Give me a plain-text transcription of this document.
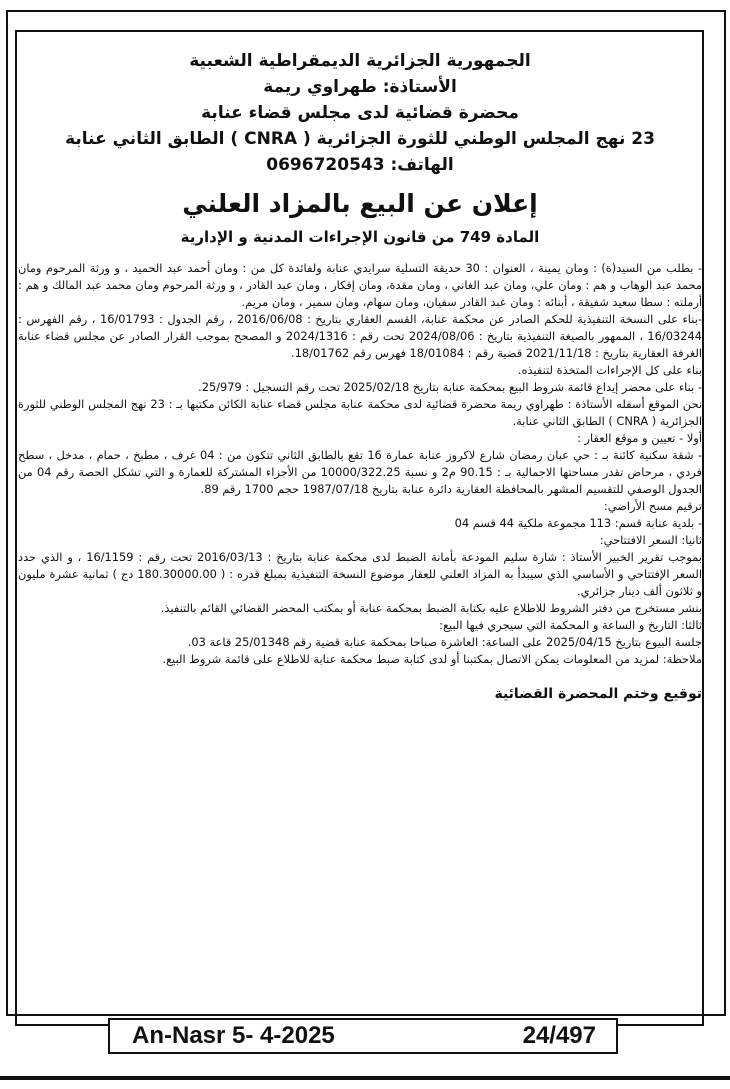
الجمهورية الجزائرية الديمقراطية الشعبية
الأستاذة: طهراوي ريمة
محضرة قضائية لدى مجلس قضاء عنابة
23 نهج المجلس الوطني للثورة الجزائرية ( CNRA ) الطابق الثاني عنابة
الهاتف: 0696720543
إعلان عن البيع بالمزاد العلني
المادة 749 من قانون الإجراءات المدنية و الإدارية

- بطلب من السيد(ة) : ومان يمينة ، العنوان : 30 حديقة التسلية سرايدي عنابة ولفائدة كل من : ومان أحمد عبد الحميد ، و ورثة المرحوم ومان محمد عبد الوهاب و هم : ومان علي، ومان عبد الغاني ، ومان مقدة، ومان إفكار ، ومان عبد القادر ، و ورثة المرحوم ومان محمد عبد المالك و هم : أرملته : سطا سعيد شفيقة ، أبنائه : ومان عبد القادر سفيان، ومان سهام، ومان سمير ، ومان مريم.

-بناء على النسخة التنفيذية للحكم الصادر عن محكمة عنابة، القسم العقاري بتاريخ : 2016/06/08 ، رقم الجدول : 16/01793 ، رقم الفهرس : 16/03244 ، الممهور بالصيغة التنفيذية بتاريخ : 2024/08/06 تحت رقم : 2024/1316 و المصحح بموجب القرار الصادر عن مجلس قضاء عنابة الغرفة العقارية بتاريخ : 2021/11/18 قضية رقم : 18/01084 فهرس رقم 18/01762.

بناء على كل الإجراءات المتخذة لتنفيذه.

- بناء على محضر إيداع قائمة شروط البيع بمحكمة عنابة بتاريخ 2025/02/18 تحت رقم التسجيل : 25/979.

نحن الموقع أسفله الأستاذة : طهراوي ريمة محضرة قضائية لدى محكمة عنابة مجلس قضاء عنابة الكائن مكتبها بـ : 23 نهج المجلس الوطني للثورة الجزائرية ( CNRA ) الطابق الثاني عنابة.

أولا - تعيين و موقع العقار :

- شقة سكنية كائنة بـ : حي عبان رمضان شارع لاكروز عنابة عمارة 16 تقع بالطابق الثاني تتكون من : 04 غرف ، مطبخ ، حمام ، مدخل ، سطح فردي ، مرحاض تقدر مساحتها الاجمالية بـ : 90.15 م2 و نسبة 10000/322.25 من الأجزاء المشتركة للعمارة و التي تشكل الحصة رقم 04 من الجدول الوصفي للتقسيم المشهر بالمحافظة العقارية دائرة عنابة بتاريخ 1987/07/18 حجم 1700 رقم 89.

ترقيم مسح الأراضي:

- بلدية عنابة قسم: 113 مجموعة ملكية 44 قسم 04

ثانيا: السعر الافتتاحي:

بموجب تقرير الخبير الأستاذ : شارة سليم المودعة بأمانة الضبط لدى محكمة عنابة بتاريخ : 2016/03/13 تحت رقم : 16/1159 ، و الذي حدد السعر الإفتتاحي و الأساسي الذي سيبدأ به المزاد العلني للعقار موضوع النسخة التنفيذية بمبلغ قدره : ( 180.30000.00 دج ) ثمانية عشرة مليون و ثلاثون ألف دينار جزائري.

بنشر مستخرج من دفتر الشروط للاطلاع عليه بكتابة الضبط بمحكمة عنابة أو بمكتب المحضر القضائي القائم بالتنفيذ.

ثالثا: التاريخ و الساعة و المحكمة التي سيجري فيها البيع:

جلسة البيوع بتاريخ 2025/04/15 على الساعة: العاشرة صباحا بمحكمة عنابة قضية رقم 25/01348 قاعة 03.

ملاحظة: لمزيد من المعلومات يمكن الاتصال بمكتبنا أو لدى كتابة ضبط محكمة عنابة للاطلاع على قائمة شروط البيع.

توقيع وختم المحضرة القضائية
An-Nasr 5- 4-2025	24/497
